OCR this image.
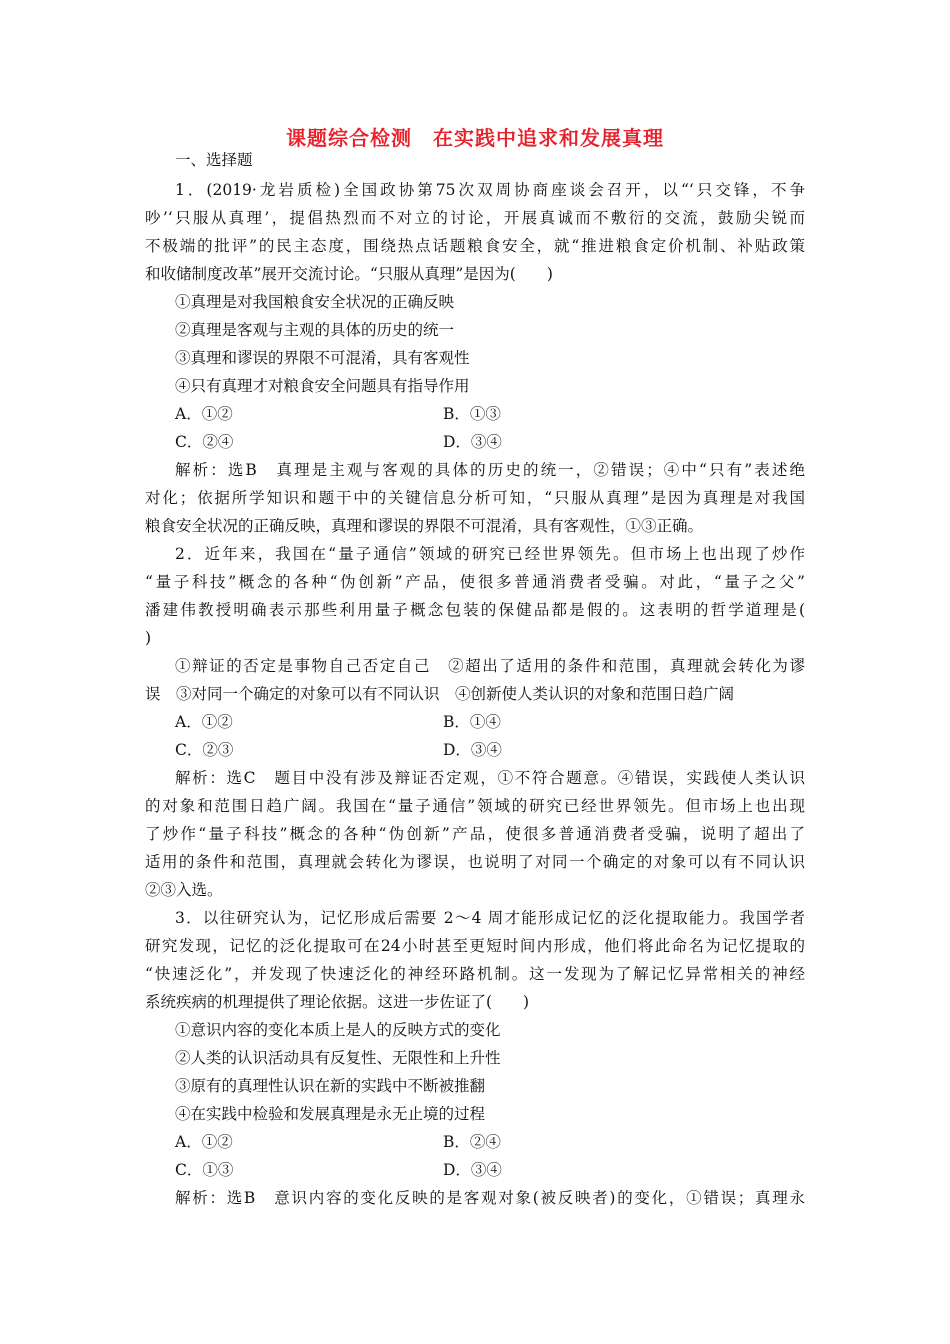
课题综合检测　在实践中追求和发展真理
一、选择题
1．(2019·龙岩质检)全国政协第75次双周协商座谈会召开，以“‘只交锋，不争
吵’‘只服从真理’，提倡热烈而不对立的讨论，开展真诚而不敷衍的交流，鼓励尖锐而
不极端的批评”的民主态度，围绕热点话题粮食安全，就“推进粮食定价机制、补贴政策
和收储制度改革”展开交流讨论。“只服从真理”是因为(　　)
①真理是对我国粮食安全状况的正确反映
②真理是客观与主观的具体的历史的统一
③真理和谬误的界限不可混淆，具有客观性
④只有真理才对粮食安全问题具有指导作用
A．①②	B．①③
C．②④	D．③④
解析：选B　真理是主观与客观的具体的历史的统一，②错误；④中“只有”表述绝
对化；依据所学知识和题干中的关键信息分析可知，“只服从真理”是因为真理是对我国
粮食安全状况的正确反映，真理和谬误的界限不可混淆，具有客观性，①③正确。
2．近年来，我国在“量子通信”领域的研究已经世界领先。但市场上也出现了炒作
“量子科技”概念的各种“伪创新”产品，使很多普通消费者受骗。对此，“量子之父”
潘建伟教授明确表示那些利用量子概念包装的保健品都是假的。这表明的哲学道理是(
)
①辩证的否定是事物自己否定自己　②超出了适用的条件和范围，真理就会转化为谬
误　③对同一个确定的对象可以有不同认识　④创新使人类认识的对象和范围日趋广阔
A．①②	B．①④
C．②③	D．③④
解析：选C　题目中没有涉及辩证否定观，①不符合题意。④错误，实践使人类认识
的对象和范围日趋广阔。我国在“量子通信”领域的研究已经世界领先。但市场上也出现
了炒作“量子科技”概念的各种“伪创新”产品，使很多普通消费者受骗，说明了超出了
适用的条件和范围，真理就会转化为谬误，也说明了对同一个确定的对象可以有不同认识
②③入选。
3．以往研究认为，记忆形成后需要 2～4 周才能形成记忆的泛化提取能力。我国学者
研究发现，记忆的泛化提取可在24小时甚至更短时间内形成，他们将此命名为记忆提取的
“快速泛化”，并发现了快速泛化的神经环路机制。这一发现为了解记忆异常相关的神经
系统疾病的机理提供了理论依据。这进一步佐证了(　　)
①意识内容的变化本质上是人的反映方式的变化
②人类的认识活动具有反复性、无限性和上升性
③原有的真理性认识在新的实践中不断被推翻
④在实践中检验和发展真理是永无止境的过程
A．①②	B．②④
C．①③	D．③④
解析：选B　意识内容的变化反映的是客观对象(被反映者)的变化，①错误；真理永
